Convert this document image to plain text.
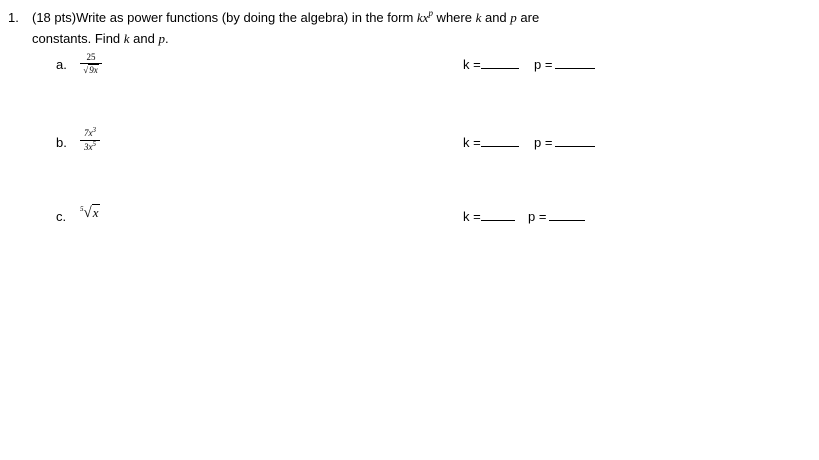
1. (18 pts)Write as power functions (by doing the algebra) in the form $kx^p$ where k and p are
constants. Find k and p.
a.	25
√9x	k =	p =
b.
$7x^3$
$3x^5$	k =	p =
c. $^5$√x	k =	p =
